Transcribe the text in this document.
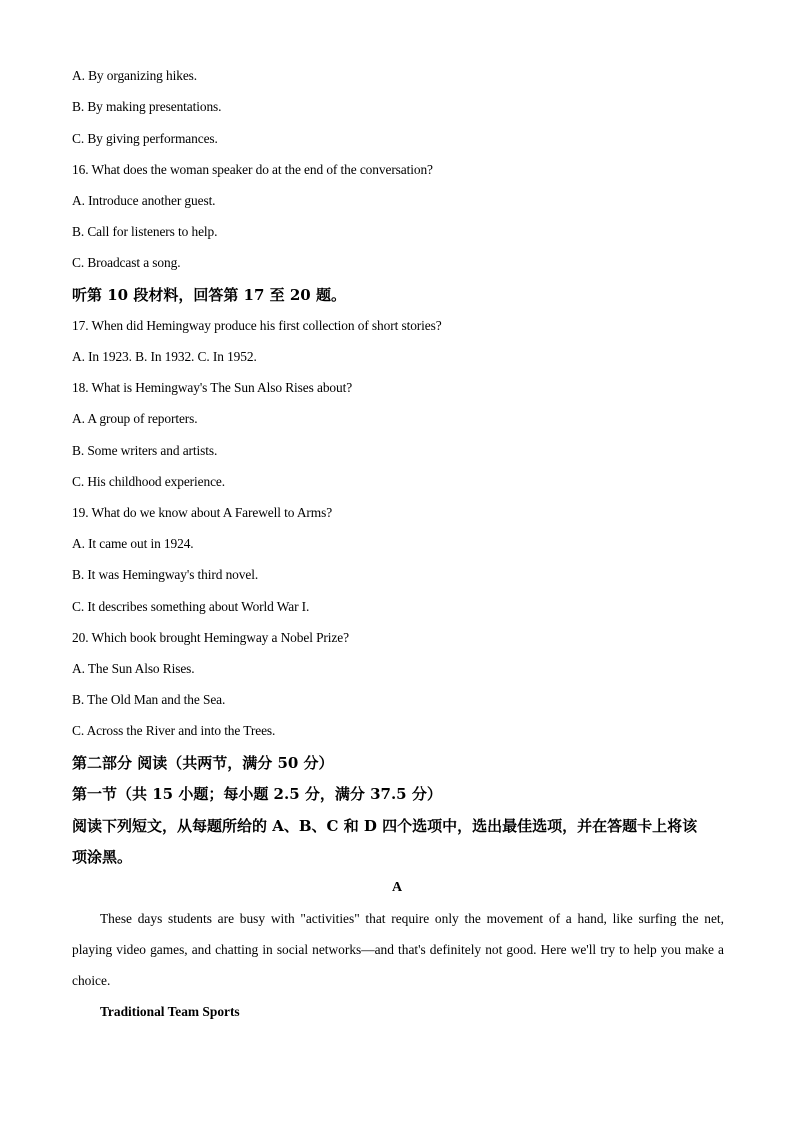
A. By organizing hikes.
B. By making presentations.
C. By giving performances.
16. What does the woman speaker do at the end of the conversation?
A. Introduce another guest.
B. Call for listeners to help.
C. Broadcast a song.
听第 10 段材料，回答第 17 至 20 题。
17. When did Hemingway produce his first collection of short stories?
A. In 1923. B. In 1932. C. In 1952.
18. What is Hemingway's The Sun Also Rises about?
A. A group of reporters.
B. Some writers and artists.
C. His childhood experience.
19. What do we know about A Farewell to Arms?
A. It came out in 1924.
B. It was Hemingway's third novel.
C. It describes something about World War I.
20. Which book brought Hemingway a Nobel Prize?
A. The Sun Also Rises.
B. The Old Man and the Sea.
C. Across the River and into the Trees.
第二部分 阅读（共两节，满分 50 分）
第一节（共 15 小题；每小题 2.5 分，满分 37.5 分）
阅读下列短文，从每题所给的 A、B、C 和 D 四个选项中，选出最佳选项，并在答题卡上将该
项涂黑。
A
These days students are busy with "activities" that require only the movement of a hand, like surfing the net, playing video games, and chatting in social networks—and that's definitely not good. Here we'll try to help you make a choice.
Traditional Team Sports
